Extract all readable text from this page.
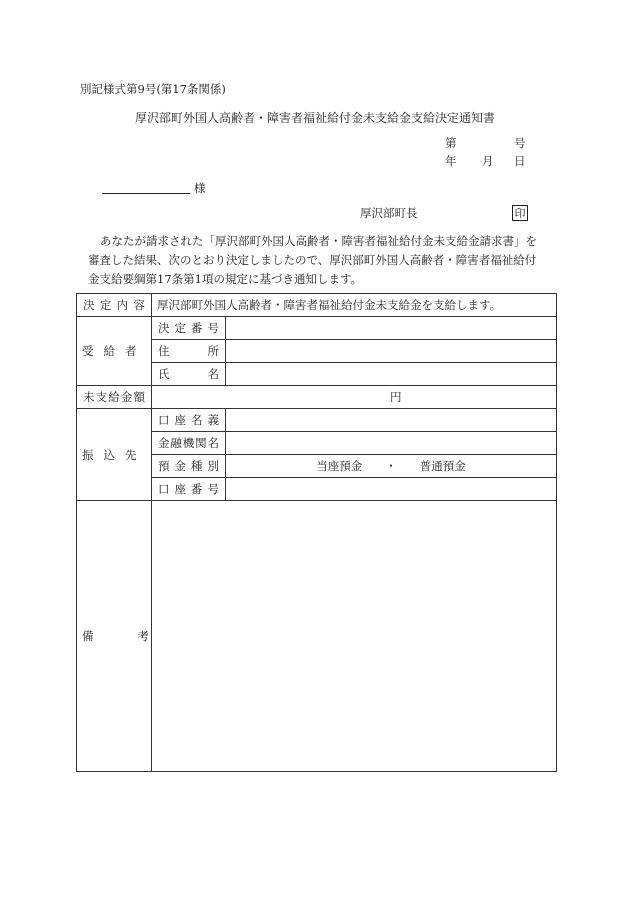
別記様式第9号(第17条関係)
厚沢部町外国人高齢者・障害者福祉給付金未支給金支給決定通知書
第	号
年 月 日
様
厚沢部町長	印
あなたが請求された「厚沢部町外国人高齢者・障害者福祉給付金未支給金請求書」を
審査した結果、次のとおり決定しましたので、厚沢部町外国人高齢者・障害者福祉給付
金支給要綱第17条第1項の規定に基づき通知します。
決定内容	厚沢部町外国人高齢者・障害者福祉給付金未支給金を支給します。	
受給者	決定番号	
	住所	
	氏名	
未支給金額	円	
振込先	口座名義	
	金融機関名	
	預金種別	当座預金　　・　　普通預金
	口座番号	
備考		
